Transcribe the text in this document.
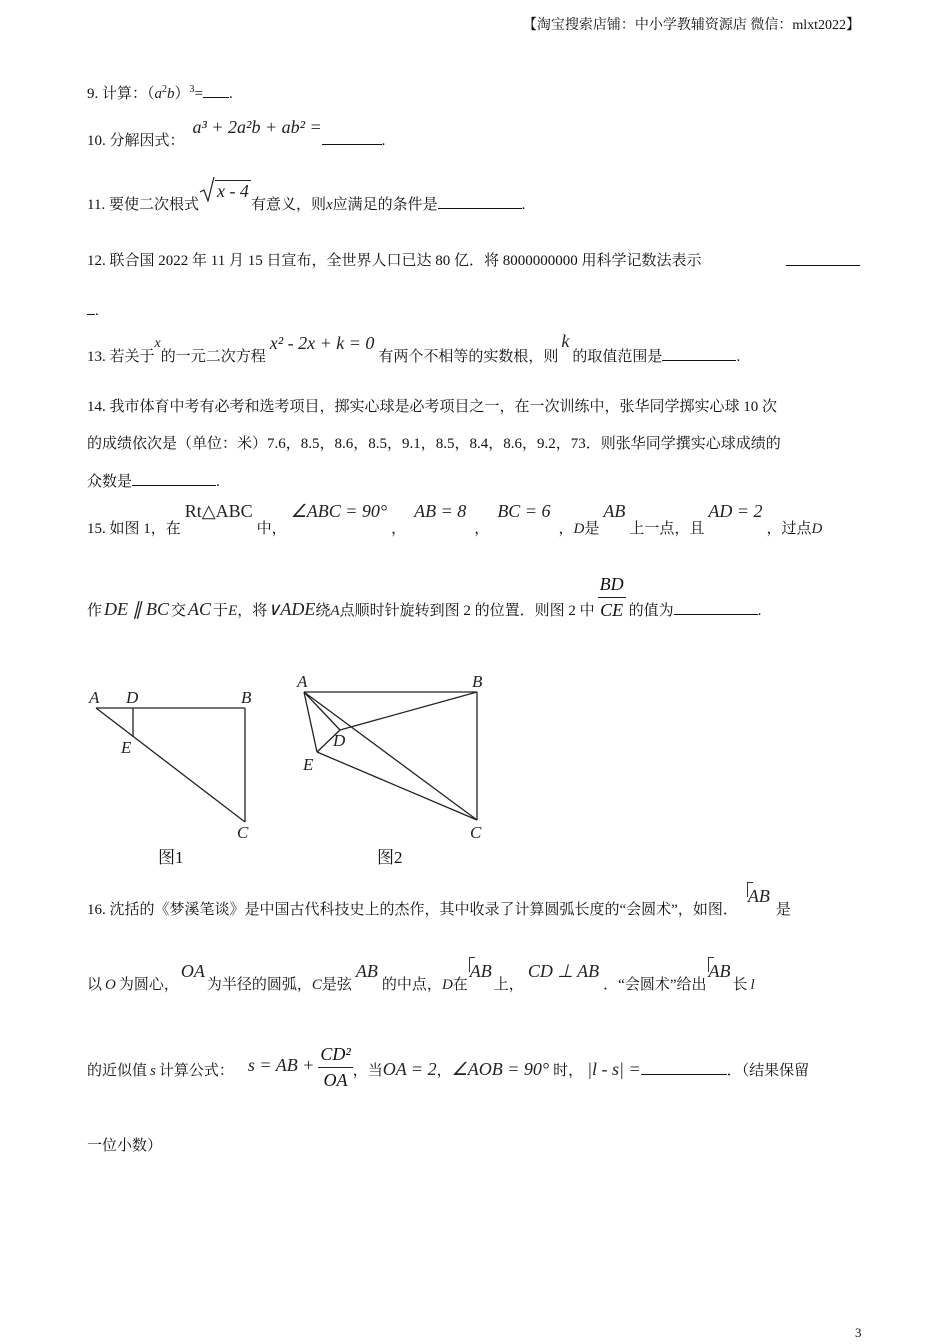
【淘宝搜索店铺：中小学教辅资源店 微信：mlxt2022】
9. 计算：$(a^2b)^3=$ .
10. 分解因式：a³ + 2a²b + ab² =.
11. 要使二次根式x - 4有意义，则x应满足的条件是	.
12. 联合国 2022 年 11 月 15 日宣布，全世界人口已达 80 亿．将 8000000000 用科学记数法表示
.
13. 若关于x的一元二次方程x² - 2x + k = 0有两个不相等的实数根，则k的取值范围是	.
14. 我市体育中考有必考和选考项目，掷实心球是必考项目之一，在一次训练中，张华同学掷实心球 10 次
的成绩依次是（单位：米）7.6，8.5，8.6，8.5，9.1，8.5，8.4，8.6，9.2，73．则张华同学撰实心球成绩的
众数是	.
15. 如图 1，在Rt△ABC中，∠ABC = 90°，AB = 8，BC = 6，D是AB上一点，且AD = 2，过点D
作 DE ∥ BC 交 AC 于E，将∨ADE绕A点顺时针旋转到图 2 的位置．则图 2 中 $\frac{BD}{CE}$ 的值为	.
A D	B
E
C
图1
A	B
D
E
C
图2
16. 沈括的《梦溪笔谈》是中国古代科技史上的杰作，其中收录了计算圆弧长度的“会圆术”，如图．AB是
以 O 为圆心，OA为半径的圆弧，C是弦AB的中点，D在AB上，CD ⊥ AB．“会圆术”给出AB长 l
的近似值 s 计算公式： s = AB + $\frac{\text{CD²}}{OA}$ ，当OA = 2，∠AOB = 90° 时， |l - s| =	．（结果保留
一位小数）
3
